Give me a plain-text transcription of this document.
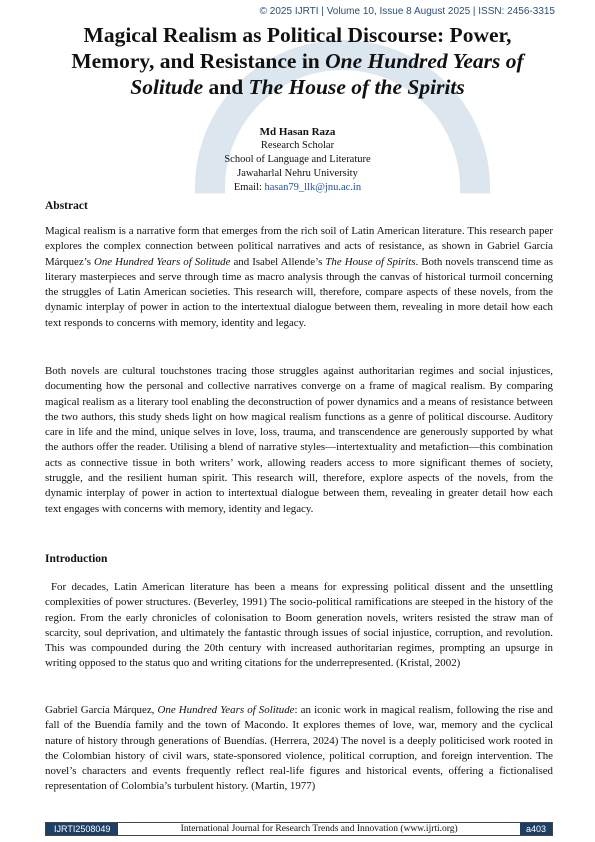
© 2025 IJRTI | Volume 10, Issue 8 August 2025 | ISSN: 2456-3315
Magical Realism as Political Discourse: Power, Memory, and Resistance in One Hundred Years of Solitude and The House of the Spirits
Md Hasan Raza
Research Scholar
School of Language and Literature
Jawaharlal Nehru University
Email: hasan79_llk@jnu.ac.in
Abstract

Magical realism is a narrative form that emerges from the rich soil of Latin American literature. This research paper explores the complex connection between political narratives and acts of resistance, as shown in Gabriel García Márquez’s One Hundred Years of Solitude and Isabel Allende’s The House of Spirits. Both novels transcend time as literary masterpieces and serve through time as macro analysis through the canvas of historical turmoil concerning the struggles of Latin American societies. This research will, therefore, compare aspects of these novels, from the dynamic interplay of power in action to the intertextual dialogue between them, revealing in more detail how each text responds to concerns with memory, identity and legacy.

Both novels are cultural touchstones tracing those struggles against authoritarian regimes and social injustices, documenting how the personal and collective narratives converge on a frame of magical realism. By comparing magical realism as a literary tool enabling the deconstruction of power dynamics and a means of resistance between the two authors, this study sheds light on how magical realism functions as a genre of political discourse. Auditory care in life and the mind, unique selves in love, loss, trauma, and transcendence are generously supported by what the authors offer the reader. Utilising a blend of narrative styles—intertextuality and metafiction—this combination acts as connective tissue in both writers’ work, allowing readers access to more significant themes of society, struggle, and the resilient human spirit. This research will, therefore, explore aspects of the novels, from the dynamic interplay of power in action to intertextual dialogue between them, revealing in greater detail how each text engages with concerns with memory, identity and legacy.

Introduction

For decades, Latin American literature has been a means for expressing political dissent and the unsettling complexities of power structures. (Beverley, 1991) The socio-political ramifications are steeped in the history of the region. From the early chronicles of colonisation to Boom generation novels, writers resisted the straw man of scarcity, soul deprivation, and ultimately the fantastic through issues of social injustice, corruption, and revolution. This was compounded during the 20th century with increased authoritarian regimes, prompting an upsurge in writing opposed to the status quo and writing citations for the underrepresented. (Kristal, 2002)

Gabriel García Márquez, One Hundred Years of Solitude: an iconic work in magical realism, following the rise and fall of the Buendía family and the town of Macondo. It explores themes of love, war, memory and the cyclical nature of history through generations of Buendías. (Herrera, 2024) The novel is a deeply politicised work rooted in the Colombian history of civil wars, state-sponsored violence, political corruption, and foreign intervention. The novel’s characters and events frequently reflect real-life figures and historical events, offering a fictionalised representation of Colombia’s turbulent history. (Martin, 1977)

IJRTI2508049	International Journal for Research Trends and Innovation (www.ijrti.org)	a403
